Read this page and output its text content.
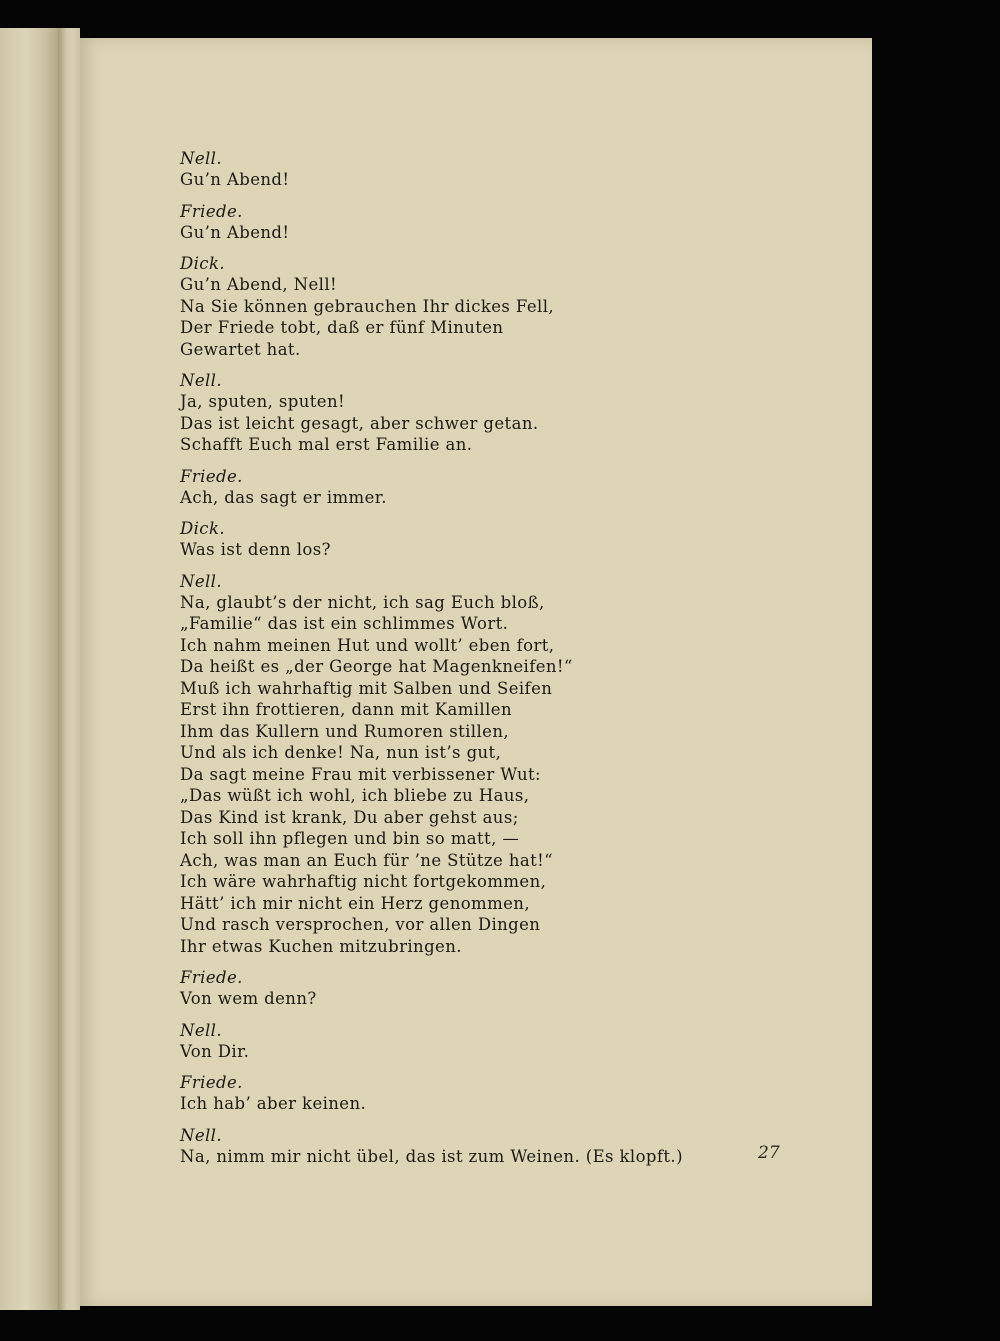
Nell.
Gu’n Abend!
Friede.
Gu’n Abend!
Dick.
Gu’n Abend, Nell!
Na Sie können gebrauchen Ihr dickes Fell,
Der Friede tobt, daß er fünf Minuten
Gewartet hat.
Nell.
Ja, sputen, sputen!
Das ist leicht gesagt, aber schwer getan.
Schafft Euch mal erst Familie an.
Friede.
Ach, das sagt er immer.
Dick.
Was ist denn los?
Nell.
Na, glaubt’s der nicht, ich sag Euch bloß,
„Familie“ das ist ein schlimmes Wort.
Ich nahm meinen Hut und wollt’ eben fort,
Da heißt es „der George hat Magenkneifen!“
Muß ich wahrhaftig mit Salben und Seifen
Erst ihn frottieren, dann mit Kamillen
Ihm das Kullern und Rumoren stillen,
Und als ich denke! Na, nun ist’s gut,
Da sagt meine Frau mit verbissener Wut:
„Das wüßt ich wohl, ich bliebe zu Haus,
Das Kind ist krank, Du aber gehst aus;
Ich soll ihn pflegen und bin so matt, —
Ach, was man an Euch für ’ne Stütze hat!“
Ich wäre wahrhaftig nicht fortgekommen,
Hätt’ ich mir nicht ein Herz genommen,
Und rasch versprochen, vor allen Dingen
Ihr etwas Kuchen mitzubringen.
Friede.
Von wem denn?
Nell.
Von Dir.
Friede.
Ich hab’ aber keinen.
Nell.
Na, nimm mir nicht übel, das ist zum Weinen. (Es klopft.)	27
